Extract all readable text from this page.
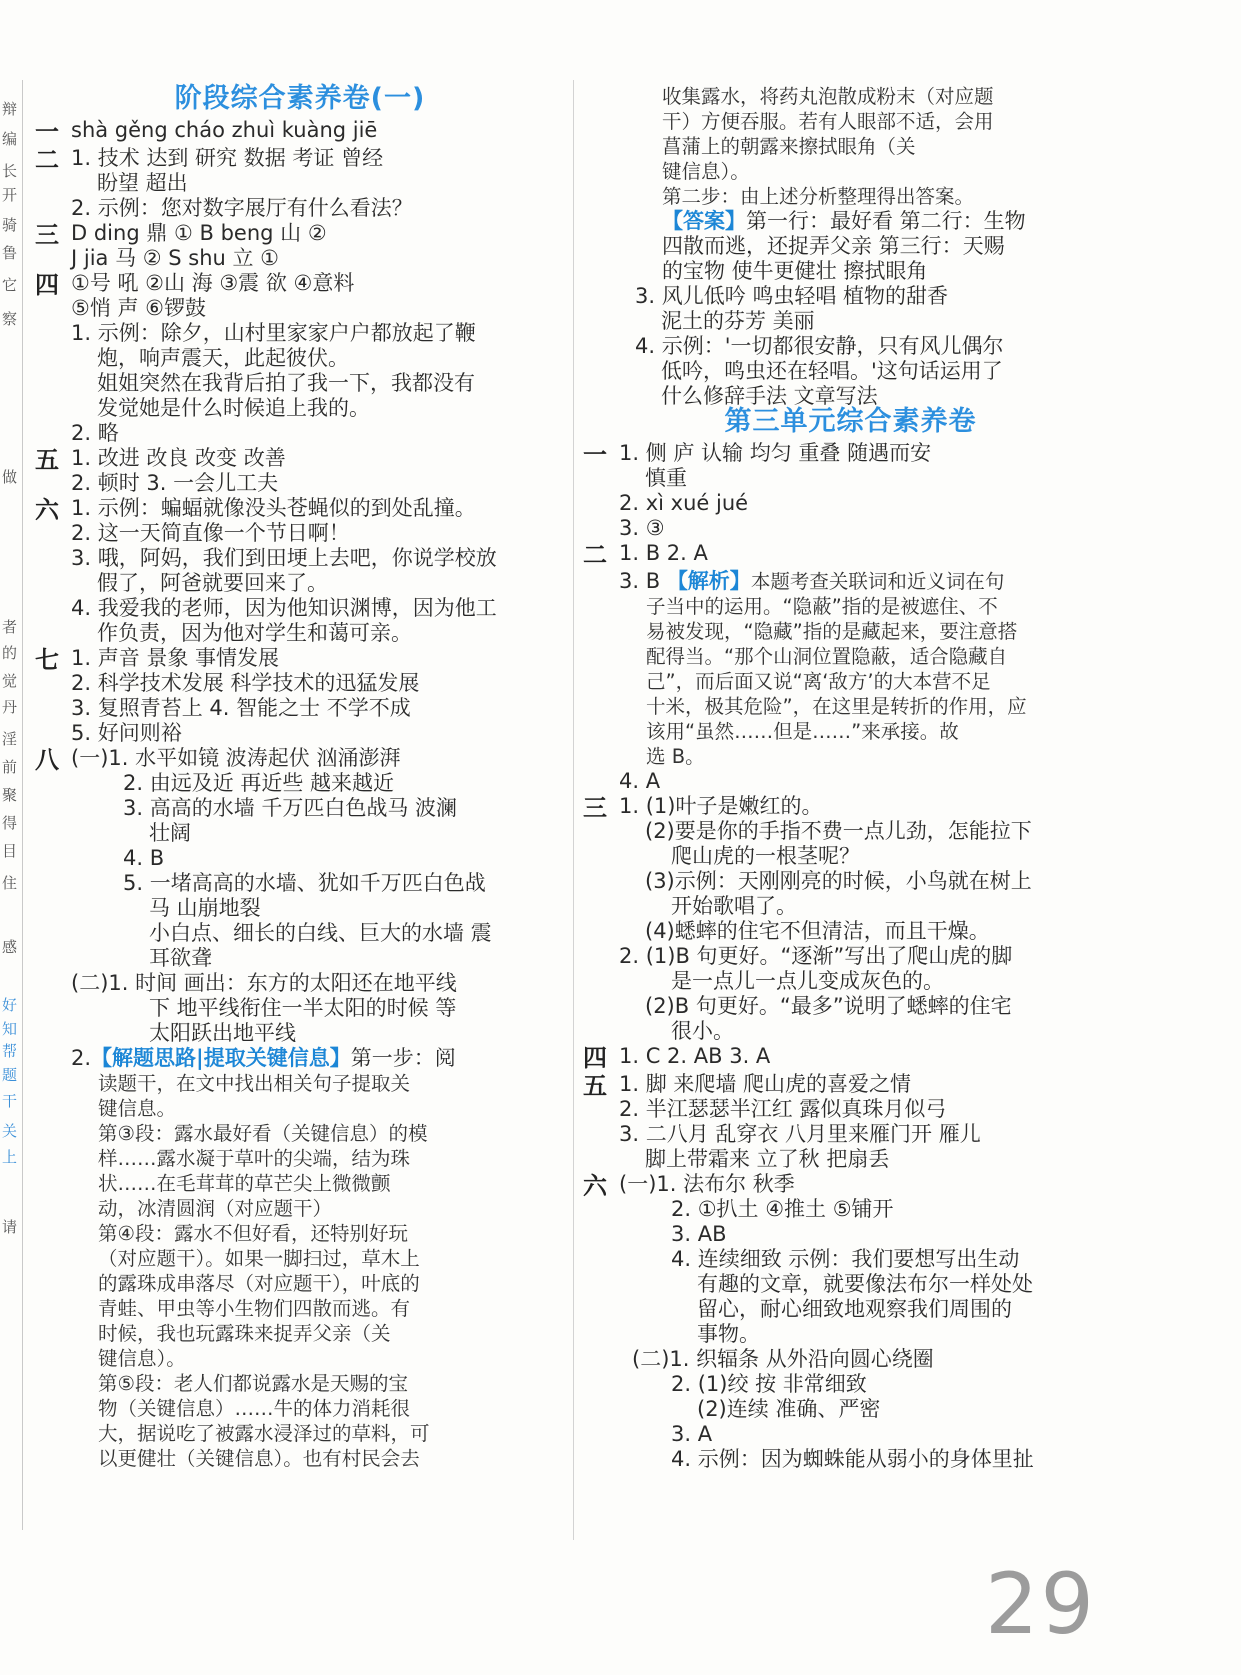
辩
编
长
开
骑
鲁
它
察
做
者
的
觉
丹
淫
前
聚
得
目
住
感
好
知
帮
题
干
关
上
请
阶段综合素养卷(一)
一 shà gěng cháo zhuì kuàng jiē
二 1. 技术 达到 研究 数据 考证 曾经
盼望 超出
2. 示例：您对数字展厅有什么看法？
三 D ding 鼎 ① B beng 山 ②
J jia 马 ② S shu 立 ①
四 ①号 吼 ②山 海 ③震 欲 ④意料
⑤悄 声 ⑥锣鼓
1. 示例：除夕，山村里家家户户都放起了鞭
炮，响声震天，此起彼伏。
姐姐突然在我背后拍了我一下，我都没有
发觉她是什么时候追上我的。
2. 略
五 1. 改进 改良 改变 改善
2. 顿时 3. 一会儿工夫
六 1. 示例：蝙蝠就像没头苍蝇似的到处乱撞。
2. 这一天简直像一个节日啊！
3. 哦，阿妈，我们到田埂上去吧，你说学校放
假了，阿爸就要回来了。
4. 我爱我的老师，因为他知识渊博，因为他工
作负责，因为他对学生和蔼可亲。
七 1. 声音 景象 事情发展
2. 科学技术发展 科学技术的迅猛发展
3. 复照青苔上 4. 智能之士 不学不成
5. 好问则裕
八 (一)1. 水平如镜 波涛起伏 汹涌澎湃
2. 由远及近 再近些 越来越近
3. 高高的水墙 千万匹白色战马 波澜
壮阔
4. B
5. 一堵高高的水墙、犹如千万匹白色战
马 山崩地裂
小白点、细长的白线、巨大的水墙 震
耳欲聋
(二)1. 时间 画出：东方的太阳还在地平线
下 地平线衔住一半太阳的时候 等
太阳跃出地平线
2.【解题思路|提取关键信息】第一步：阅
读题干，在文中找出相关句子提取关
键信息。
第③段：露水最好看（关键信息）的模
样……露水凝于草叶的尖端，结为珠
状……在毛茸茸的草芒尖上微微颤
动，冰清圆润（对应题干）
第④段：露水不但好看，还特别好玩
（对应题干）。如果一脚扫过，草木上
的露珠成串落尽（对应题干），叶底的
青蛙、甲虫等小生物们四散而逃。有
时候，我也玩露珠来捉弄父亲（关
键信息）。
第⑤段：老人们都说露水是天赐的宝
物（关键信息）……牛的体力消耗很
大，据说吃了被露水浸泽过的草料，可
以更健壮（关键信息）。也有村民会去
收集露水，将药丸泡散成粉末（对应题
干）方便吞服。若有人眼部不适，会用
菖蒲上的朝露来擦拭眼角（关
键信息）。
第二步：由上述分析整理得出答案。
【答案】第一行：最好看 第二行：生物
四散而逃，还捉弄父亲 第三行：天赐
的宝物 使牛更健壮 擦拭眼角
3. 风儿低吟 鸣虫轻唱 植物的甜香
泥土的芬芳 美丽
4. 示例：'一切都很安静，只有风儿偶尔
低吟，鸣虫还在轻唱。'这句话运用了
什么修辞手法 文章写法
第三单元综合素养卷
一 1. 侧 庐 认输 均匀 重叠 随遇而安
慎重
2. xì xué jué
3. ③
二 1. B 2. A
3. B 【解析】本题考查关联词和近义词在句
子当中的运用。“隐蔽”指的是被遮住、不
易被发现，“隐藏”指的是藏起来，要注意搭
配得当。“那个山洞位置隐蔽，适合隐藏自
己”，而后面又说“离‘敌方’的大本营不足
十米，极其危险”，在这里是转折的作用，应
该用“虽然……但是……”来承接。故
选 B。
4. A
三 1. (1)叶子是嫩红的。
(2)要是你的手指不费一点儿劲，怎能拉下
爬山虎的一根茎呢？
(3)示例：天刚刚亮的时候，小鸟就在树上
开始歌唱了。
(4)蟋蟀的住宅不但清洁，而且干燥。
2. (1)B 句更好。“逐渐”写出了爬山虎的脚
是一点儿一点儿变成灰色的。
(2)B 句更好。“最多”说明了蟋蟀的住宅
很小。
四 1. C 2. AB 3. A
五 1. 脚 来爬墙 爬山虎的喜爱之情
2. 半江瑟瑟半江红 露似真珠月似弓
3. 二八月 乱穿衣 八月里来雁门开 雁儿
脚上带霜来 立了秋 把扇丢
六 (一)1. 法布尔 秋季
2. ①扒土 ④推土 ⑤铺开
3. AB
4. 连续细致 示例：我们要想写出生动
有趣的文章，就要像法布尔一样处处
留心，耐心细致地观察我们周围的
事物。
(二)1. 织辐条 从外沿向圆心绕圈
2. (1)绞 按 非常细致
(2)连续 准确、严密
3. A
4. 示例：因为蜘蛛能从弱小的身体里扯
29
